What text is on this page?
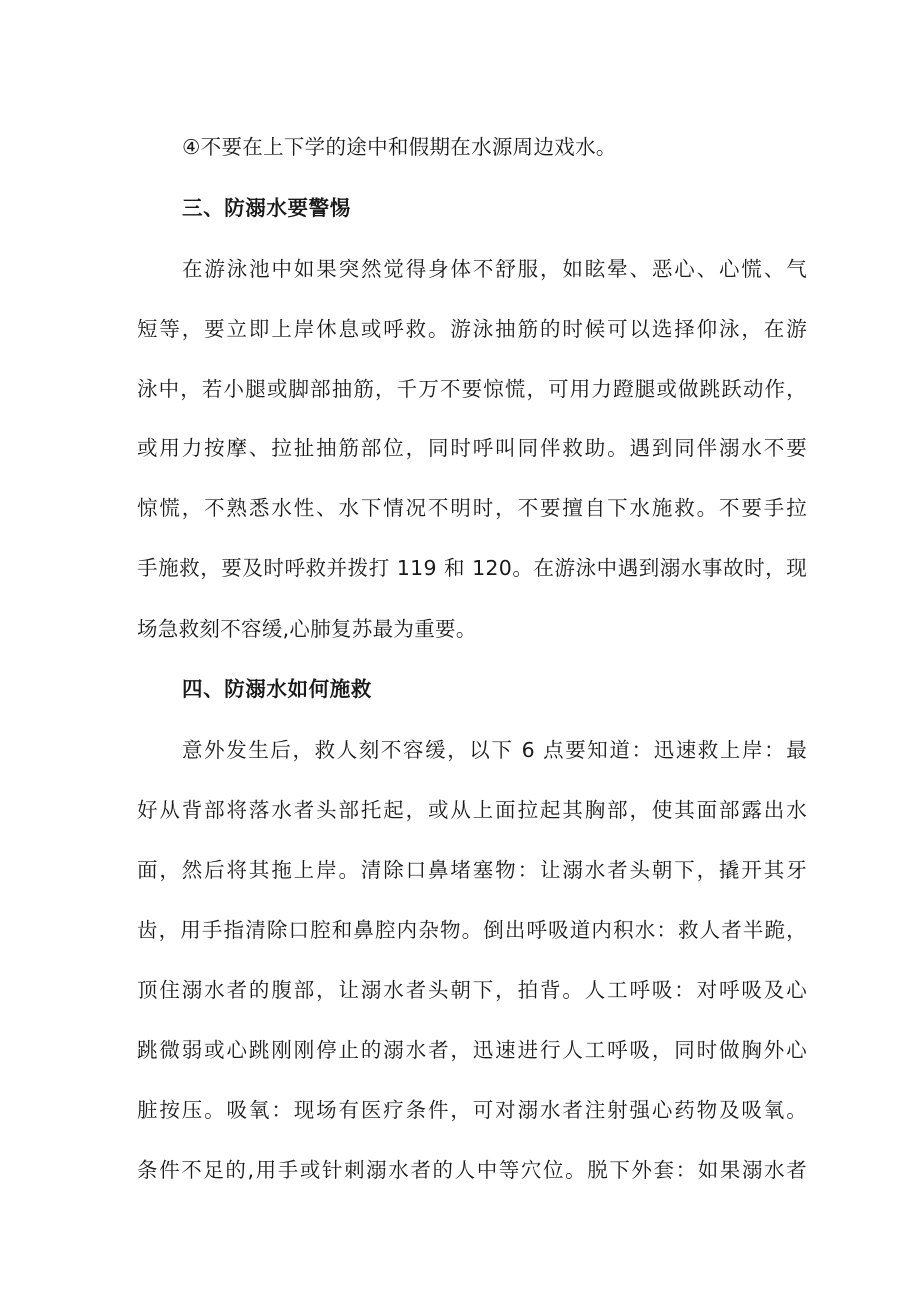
④不要在上下学的途中和假期在水源周边戏水。
三、防溺水要警惕
在游泳池中如果突然觉得身体不舒服，如眩晕、恶心、心慌、气
短等，要立即上岸休息或呼救。游泳抽筋的时候可以选择仰泳，在游
泳中，若小腿或脚部抽筋，千万不要惊慌，可用力蹬腿或做跳跃动作，
或用力按摩、拉扯抽筋部位，同时呼叫同伴救助。遇到同伴溺水不要
惊慌，不熟悉水性、水下情况不明时，不要擅自下水施救。不要手拉
手施救，要及时呼救并拨打 119 和 120。在游泳中遇到溺水事故时，现
场急救刻不容缓,心肺复苏最为重要。
四、防溺水如何施救
意外发生后，救人刻不容缓，以下 6 点要知道：迅速救上岸：最
好从背部将落水者头部托起，或从上面拉起其胸部，使其面部露出水
面，然后将其拖上岸。清除口鼻堵塞物：让溺水者头朝下，撬开其牙
齿，用手指清除口腔和鼻腔内杂物。倒出呼吸道内积水：救人者半跪，
顶住溺水者的腹部，让溺水者头朝下，拍背。人工呼吸：对呼吸及心
跳微弱或心跳刚刚停止的溺水者，迅速进行人工呼吸，同时做胸外心
脏按压。吸氧：现场有医疗条件，可对溺水者注射强心药物及吸氧。
条件不足的,用手或针刺溺水者的人中等穴位。脱下外套：如果溺水者
